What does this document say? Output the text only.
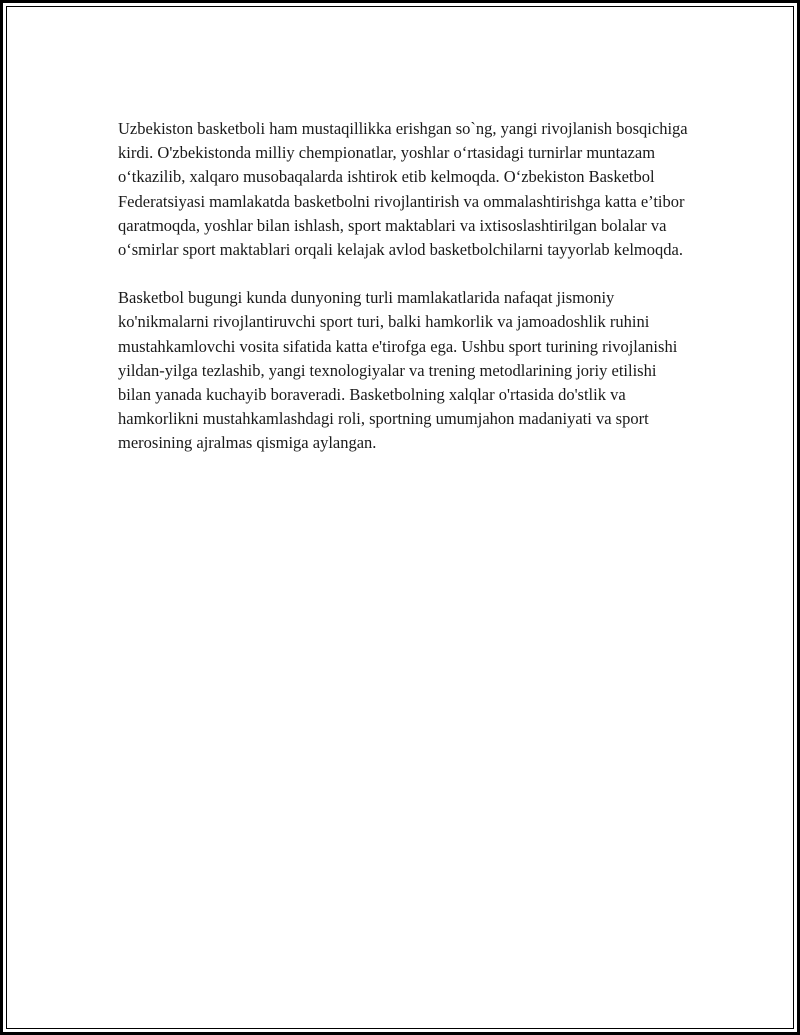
Uzbekiston basketboli ham mustaqillikka erishgan so`ng, yangi rivojlanish bosqichiga kirdi. O'zbekistonda milliy chempionatlar, yoshlar o‘rtasidagi turnirlar muntazam o‘tkazilib, xalqaro musobaqalarda ishtirok etib kelmoqda. O‘zbekiston Basketbol Federatsiyasi mamlakatda basketbolni rivojlantirish va ommalashtirishga katta e’tibor qaratmoqda, yoshlar bilan ishlash, sport maktablari va ixtisoslashtirilgan bolalar va o‘smirlar sport maktablari orqali kelajak avlod basketbolchilarni tayyorlab kelmoqda.

Basketbol bugungi kunda dunyoning turli mamlakatlarida nafaqat jismoniy ko'nikmalarni rivojlantiruvchi sport turi, balki hamkorlik va jamoadoshlik ruhini mustahkamlovchi vosita sifatida katta e'tirofga ega. Ushbu sport turining rivojlanishi yildan-yilga tezlashib, yangi texnologiyalar va trening metodlarining joriy etilishi bilan yanada kuchayib boraveradi. Basketbolning xalqlar o'rtasida do'stlik va hamkorlikni mustahkamlashdagi roli, sportning umumjahon madaniyati va sport merosining ajralmas qismiga aylangan.
